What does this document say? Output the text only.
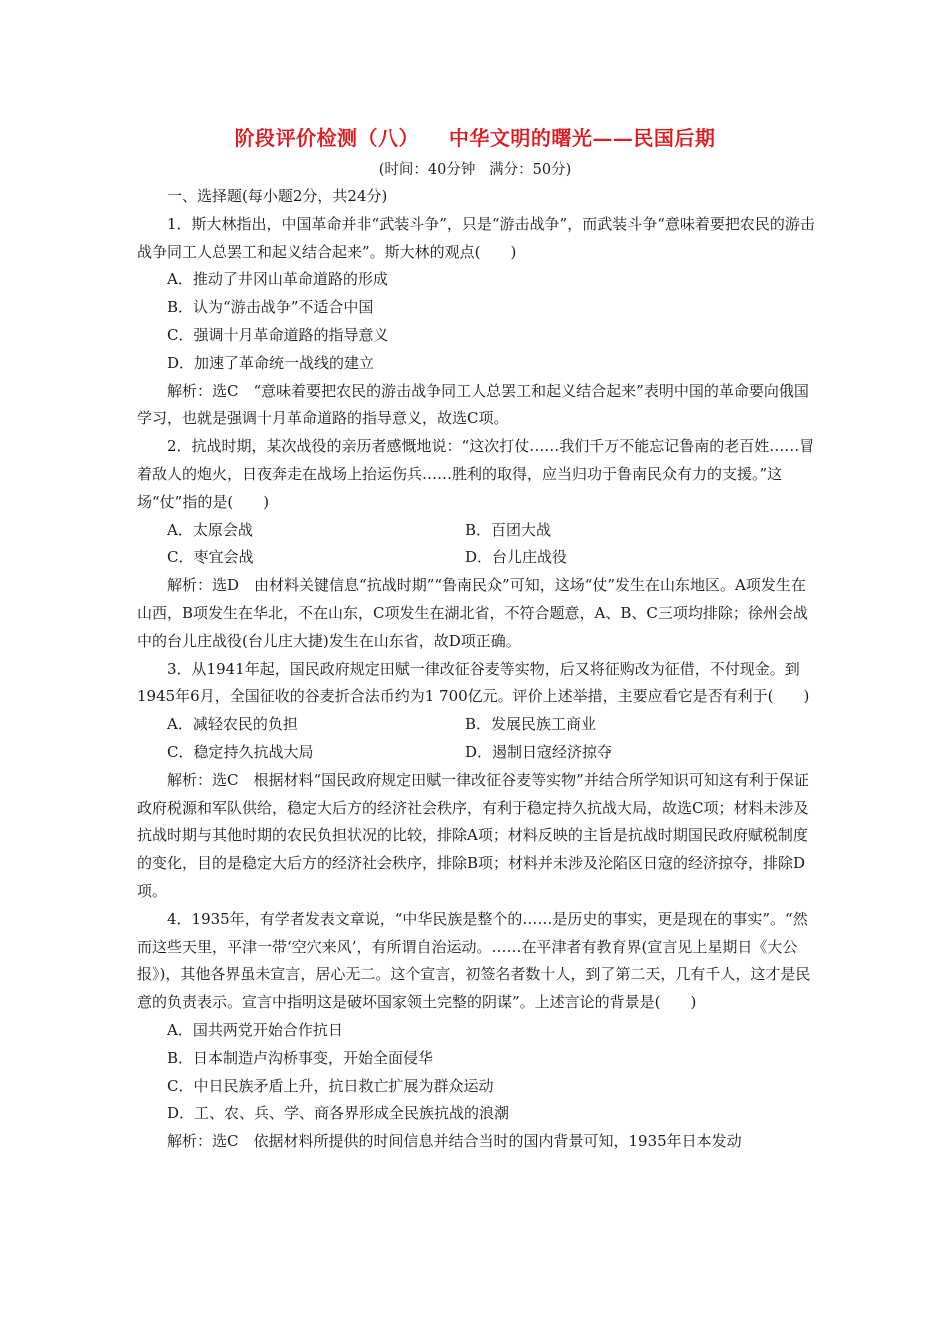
阶段评价检测（八）    中华文明的曙光——民国后期
(时间：40分钟   满分：50分)

一、选择题(每小题2分，共24分)

1．斯大林指出，中国革命并非“武装斗争”，只是“游击战争”，而武装斗争“意味着要把农民的游击战争同工人总罢工和起义结合起来”。斯大林的观点(　　)

A．推动了井冈山革命道路的形成

B．认为“游击战争”不适合中国

C．强调十月革命道路的指导意义

D．加速了革命统一战线的建立

解析：选C　“意味着要把农民的游击战争同工人总罢工和起义结合起来”表明中国的革命要向俄国学习，也就是强调十月革命道路的指导意义，故选C项。

2．抗战时期，某次战役的亲历者感慨地说：“这次打仗……我们千万不能忘记鲁南的老百姓……冒着敌人的炮火，日夜奔走在战场上抬运伤兵……胜利的取得，应当归功于鲁南民众有力的支援。”这场“仗”指的是(　　)

A．太原会战	B．百团大战
C．枣宜会战	D．台儿庄战役

解析：选D　由材料关键信息“抗战时期”“鲁南民众”可知，这场“仗”发生在山东地区。A项发生在山西，B项发生在华北，不在山东，C项发生在湖北省，不符合题意，A、B、C三项均排除；徐州会战中的台儿庄战役(台儿庄大捷)发生在山东省，故D项正确。

3．从1941年起，国民政府规定田赋一律改征谷麦等实物，后又将征购改为征借，不付现金。到1945年6月，全国征收的谷麦折合法币约为1 700亿元。评价上述举措，主要应看它是否有利于(　　)

A．减轻农民的负担	B．发展民族工商业
C．稳定持久抗战大局	D．遏制日寇经济掠夺

解析：选C　根据材料“国民政府规定田赋一律改征谷麦等实物”并结合所学知识可知这有利于保证政府税源和军队供给，稳定大后方的经济社会秩序，有利于稳定持久抗战大局，故选C项；材料未涉及抗战时期与其他时期的农民负担状况的比较，排除A项；材料反映的主旨是抗战时期国民政府赋税制度的变化，目的是稳定大后方的经济社会秩序，排除B项；材料并未涉及沦陷区日寇的经济掠夺，排除D项。

4．1935年，有学者发表文章说，“中华民族是整个的……是历史的事实，更是现在的事实”。“然而这些天里，平津一带‘空穴来风’，有所谓自治运动。……在平津者有教育界(宣言见上星期日《大公报》)，其他各界虽未宣言，居心无二。这个宣言，初签名者数十人，到了第二天，几有千人，这才是民意的负责表示。宣言中指明这是破坏国家领土完整的阴谋”。上述言论的背景是(　　)

A．国共两党开始合作抗日

B．日本制造卢沟桥事变，开始全面侵华

C．中日民族矛盾上升，抗日救亡扩展为群众运动

D．工、农、兵、学、商各界形成全民族抗战的浪潮

解析：选C　依据材料所提供的时间信息并结合当时的国内背景可知，1935年日本发动
